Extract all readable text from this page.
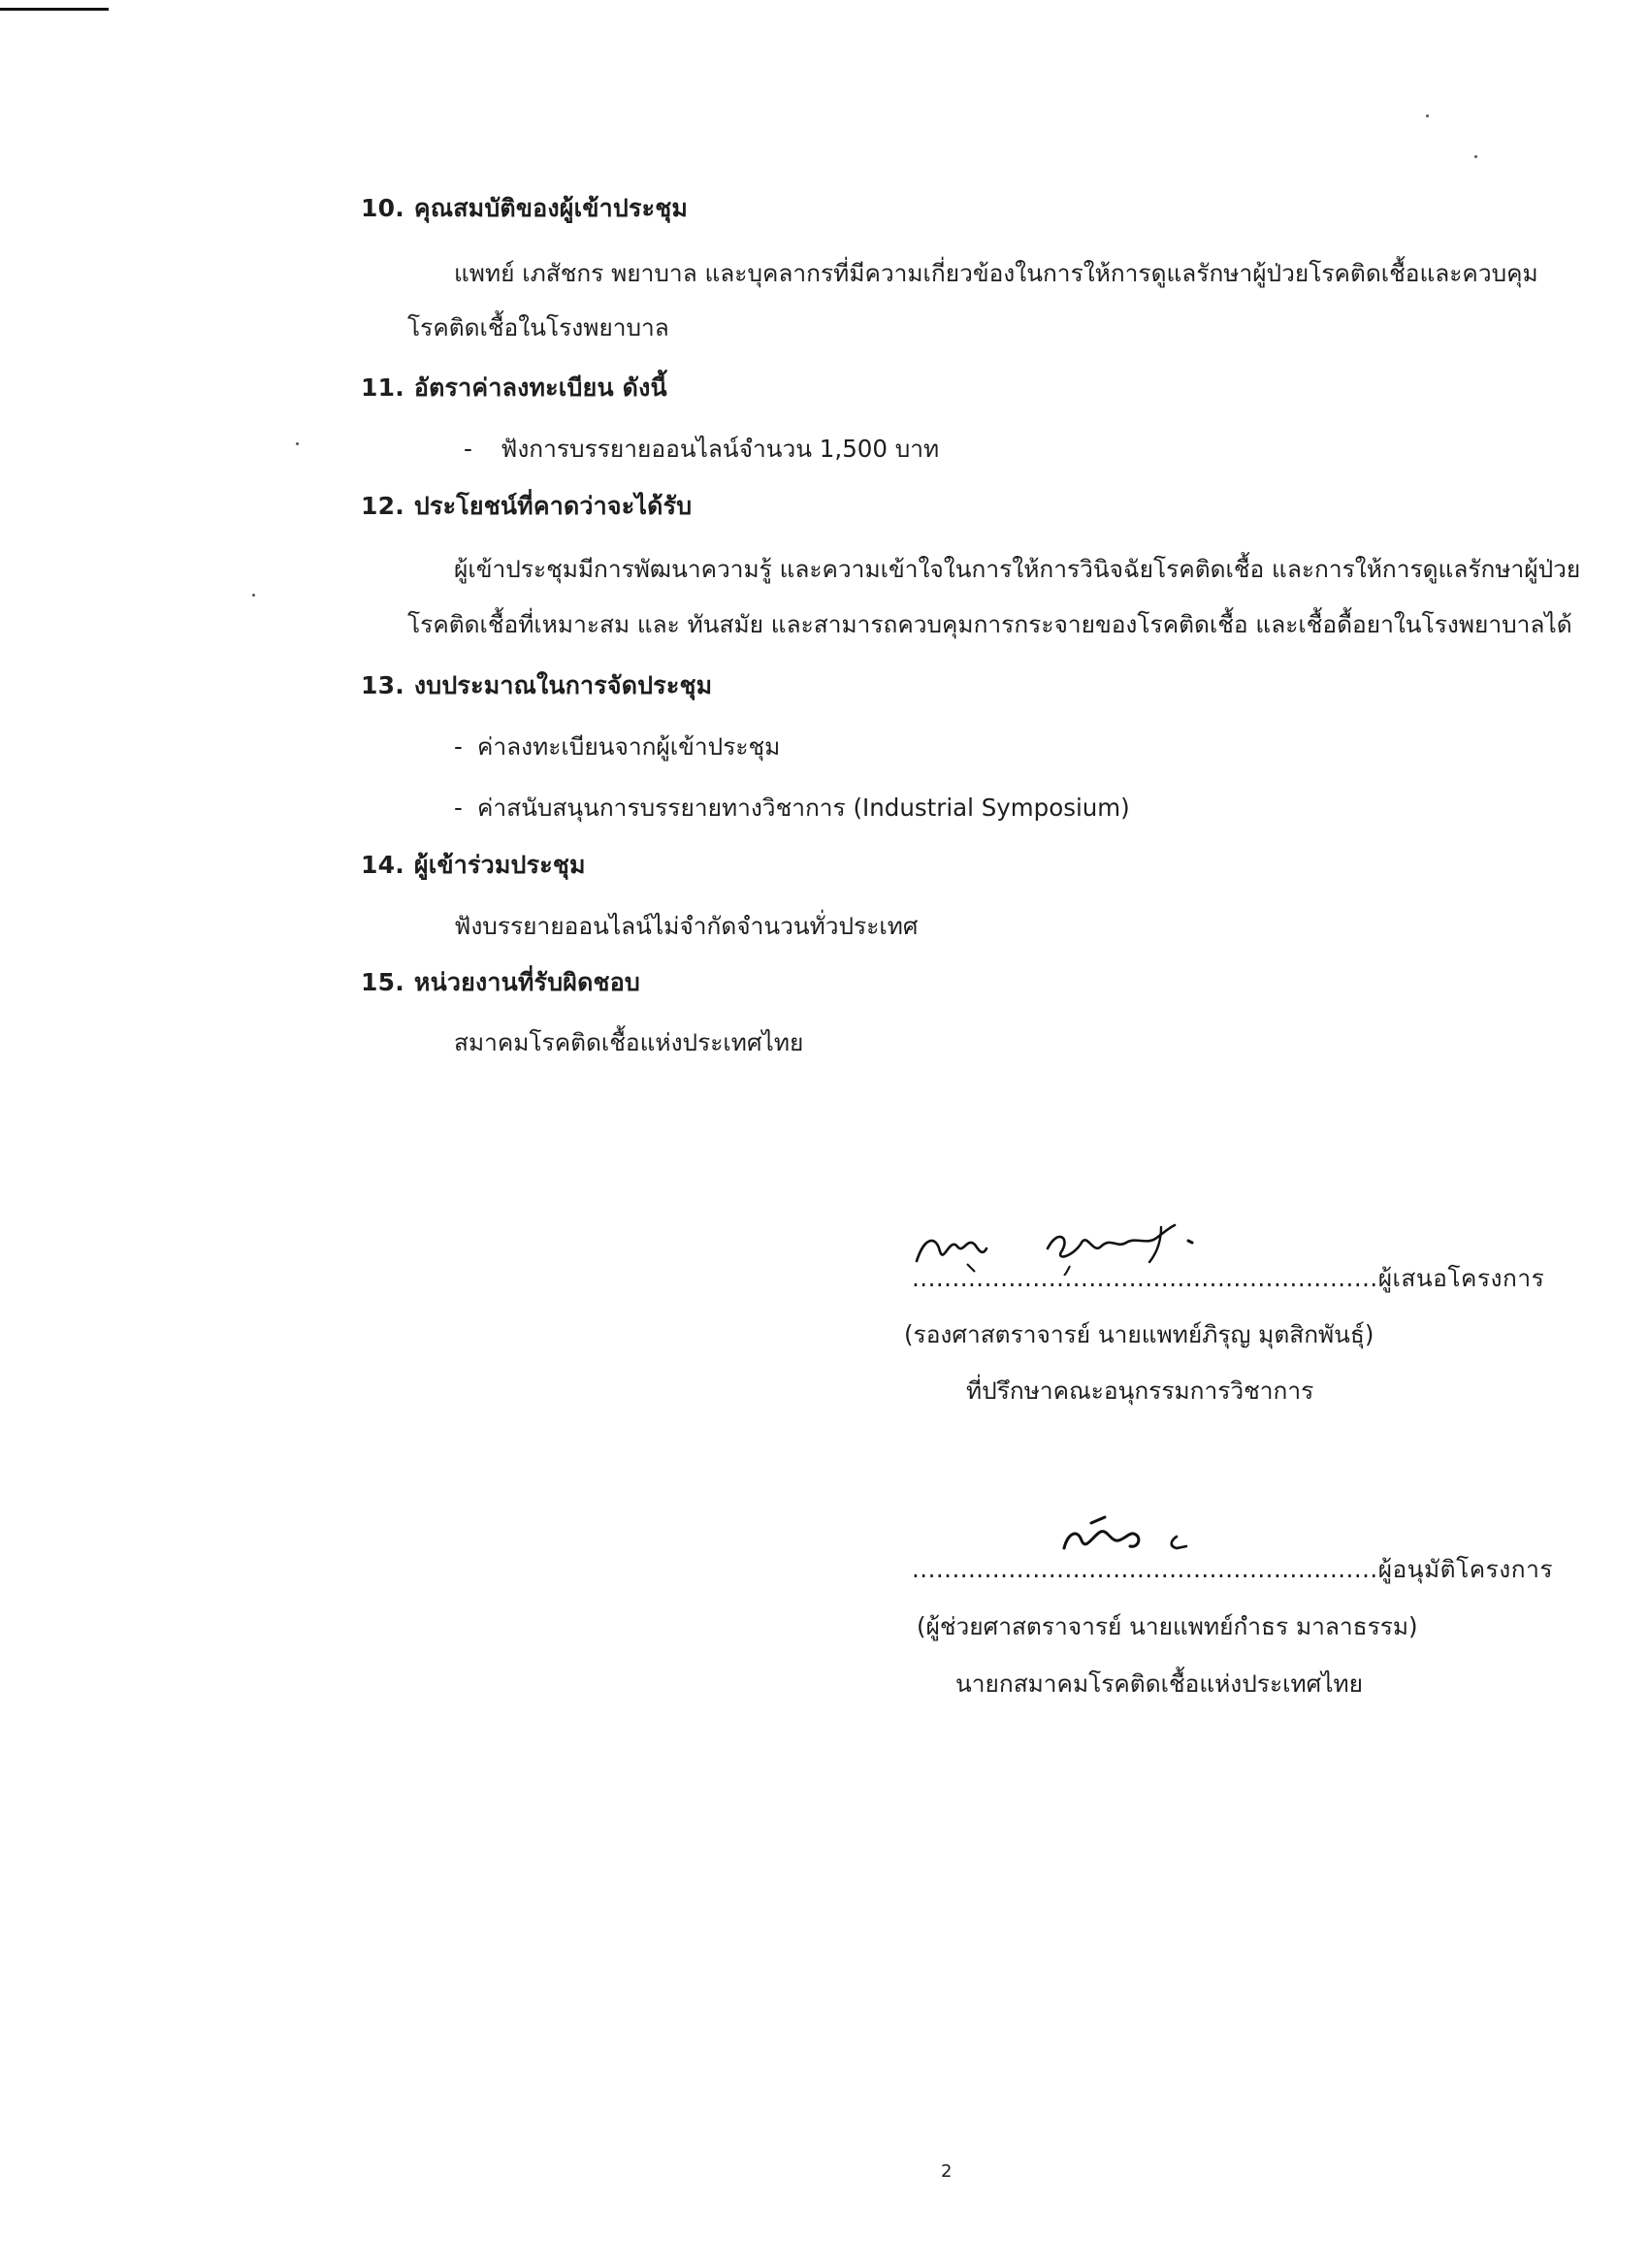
10. คุณสมบัติของผู้เข้าประชุม
แพทย์ เภสัชกร พยาบาล และบุคลากรที่มีความเกี่ยวข้องในการให้การดูแลรักษาผู้ป่วยโรคติดเชื้อและควบคุม
โรคติดเชื้อในโรงพยาบาล
11. อัตราค่าลงทะเบียน ดังนี้
- ฟังการบรรยายออนไลน์จำนวน 1,500 บาท
12. ประโยชน์ที่คาดว่าจะได้รับ
ผู้เข้าประชุมมีการพัฒนาความรู้ และความเข้าใจในการให้การวินิจฉัยโรคติดเชื้อ และการให้การดูแลรักษาผู้ป่วย
โรคติดเชื้อที่เหมาะสม และ ทันสมัย และสามารถควบคุมการกระจายของโรคติดเชื้อ และเชื้อดื้อยาในโรงพยาบาลได้
13. งบประมาณในการจัดประชุม
- ค่าลงทะเบียนจากผู้เข้าประชุม
- ค่าสนับสนุนการบรรยายทางวิชาการ (Industrial Symposium)
14. ผู้เข้าร่วมประชุม
ฟังบรรยายออนไลน์ไม่จำกัดจำนวนทั่วประเทศ
15. หน่วยงานที่รับผิดชอบ
สมาคมโรคติดเชื้อแห่งประเทศไทย
..........................................................ผู้เสนอโครงการ
(รองศาสตราจารย์ นายแพทย์ภิรุญ มุตสิกพันธุ์)
ที่ปรึกษาคณะอนุกรรมการวิชาการ
..........................................................ผู้อนุมัติโครงการ
(ผู้ช่วยศาสตราจารย์ นายแพทย์กำธร มาลาธรรม)
นายกสมาคมโรคติดเชื้อแห่งประเทศไทย
2
